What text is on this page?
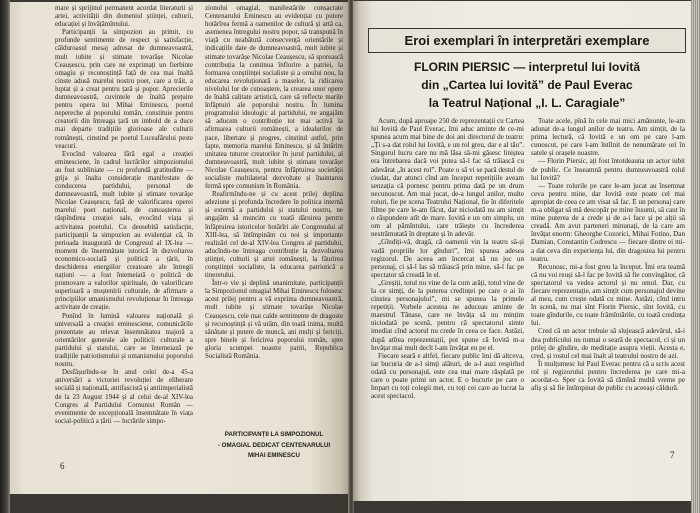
mare și sprijinul permanent acordat literaturii și artei, activității din domeniul științei, culturii, educației și învățămîntului.

Participanții la simpozion au primit, cu profunde sentimente de respect și satisfacție, călduroasul mesaj adresat de dumneavoastră, mult iubite și stimate tovarășe Nicolae Ceaușescu, prin care ne exprimați un fierbinte omagiu și recunoștință față de cea mai înaltă cinste adusă marelui nostru poet, care a trăit, a luptat și a creat pentru țară și popor. Aprecierile dumneavoastră, cuvintele de înaltă prețuire pentru opera lui Mihai Eminescu, poetul nepereche al poporului român, constituie pentru creatorii din întreaga țară un imbold de a duce mai departe tradițiile glorioase ale culturii românești, cinstind pe poetul Luceafărului peste veacuri.

Evocînd valoarea fără egal a creației eminesciene, în cadrul lucrărilor simpozionului au fost subliniate — cu profundă gratitudine — grija și înalta considerație manifestate de conducerea partidului, personal de dumneavoastră, mult iubite și stimate tovarășe Nicolae Ceaușescu, față de valorificarea operei marelui poet național, de cunoașterea și răspîndirea creației sale, evocînd viața și activitatea poetului. Cu deosebită satisfacție, participanții la simpozion au evidențiat că, în perioada inaugurată de Congresul al IX-lea — moment de însemnătate istorică în dezvoltarea economico-socială și politică a țării, în deschiderea energiilor creatoare ale întregii națiuni — a fost întemeiată o politică de promovare a valorilor spirituale, de valorificare superioară a moștenirii culturale, de afirmare a principiilor umanismului revoluționar în întreaga activitate de creație.

Punînd în lumină valoarea națională și universală a creației eminesciene, comunicările prezentate au relevat însemnătatea majoră a orientărilor generale ale politicii culturale a partidului și statului, care se întemeiază pe tradițiile patriotismului și umanismului poporului nostru.

Desfășurîndu-se în anul celei de-a 45-a aniversări a victoriei revoluției de eliberare socială și națională, antifascistă și antiimperialistă de la 23 August 1944 și al celui de-al XIV-lea Congres al Partidului Comunist Român — evenimente de excepțională însemnătate în viața social-politică a țării — lucrările simpo-

zionului omagial, manifestările consacrate Centenarului Eminescu au evidențiat cu putere hotărîrea fermă a oamenilor de cultură și artă ca, asemenea întregului nostru popor, să transpună în viață cu neabătută consecvență orientările și indicațiile date de dumneavoastră, mult iubite și stimate tovarășe Nicolae Ceaușescu, să sporească contribuția la continua înflorire a patriei, la formarea conștiinței socialiste și a omului nou, la educarea revoluționară a maselor, la ridicarea nivelului lor de cunoaștere, la crearea unor opere de înaltă calitate artistică, care să reflecte marile înfăptuiri ale poporului nostru. În lumina programului ideologic al partidului, ne angajăm să aducem o contribuție tot mai activă la afirmarea culturii românești, a idealurilor de pace, libertate și progres, cinstind astfel, prin fapte, memoria marelui Eminescu, și să întărim unitatea tuturor creatorilor în jurul partidului, al dumneavoastră, mult iubite și stimate tovarășe Nicolae Ceaușescu, pentru înfăptuirea societății socialiste multilateral dezvoltate și înaintarea fermă spre comunism în România.

Reafirmîndu-ne și cu acest prilej deplina adeziune și profunda încredere în politica internă și externă a partidului și statului nostru, ne angajăm să muncim cu toată dăruirea pentru înfăptuirea istoricelor hotărîri ale Congresului al XIII-lea, să întîmpinăm cu noi și importante realizări cel de-al XIV-lea Congres al partidului, aducîndu-ne întreaga contribuție la dezvoltarea științei, culturii și artei românești, la făurirea conștiinței socialiste, la educarea patriotică a tineretului.

Într-o vie și deplină unanimitate, participanții la Simpozionul omagial Mihai Eminescu folosesc acest prilej pentru a vă exprima dumneavoastră, mult iubite și stimate tovarășe Nicolae Ceaușescu, cele mai calde sentimente de dragoste și recunoștință și vă urăm, din toată inima, multă sănătate și putere de muncă, ani mulți și fericiți, spre binele și fericirea poporului român, spre gloria scumpei noastre patrii, Republica Socialistă România.

PARTICIPANȚII LA SIMPOZIONUL
- OMAGIAL DEDICAT CENTENARULUI
MIHAI EMINESCU
6
Eroi exemplari în interpretări exemplare
FLORIN PIERSIC — interpretul lui Iovită
din „Cartea lui Iovită” de Paul Everac
la Teatrul Național „I. L. Caragiale”

Acum, după aproape 250 de reprezentații cu Cartea lui Iovită de Paul Everac, îmi aduc aminte de ce-mi spunea acum mai bine de doi ani directorul de teatru: „Ți s-a dat rolul lui Iovită, e un rol greu, dar e al tău”. Singurul lucru care nu mă lăsa să-mi găsesc liniștea era întrebarea dacă voi putea să-l fac să trăiască cu adevărat „în acest rol”. Poate o să vi se pară destul de ciudat, dar atunci cînd am început repetițiile aveam senzația că pornesc pentru prima dată pe un drum necunoscut. Am mai jucat, de-a lungul anilor, multe roluri, fie pe scena Teatrului Național, fie în diferitele filme pe care le-am făcut, dar niciodată nu am simțit o răspundere atît de mare. Iovită e un om simplu, un om al pămîntului, care trăiește cu încrederea nestrămutată în dreptate și în adevăr.

„Gîndiți-vă, dragă, că oamenii vin la teatru să-și vadă propriile lor gînduri”, îmi spunea adesea regizorul. De aceea am încercat să nu joc un personaj, ci să-l las să trăiască prin mine, să-l fac pe spectator să creadă în el.

„Greșiți, totul nu vine de la cum arăți, totul vine de la ce simți, de la puterea credinței pe care o ai în cinstea personajului”, mi se spunea la primele repetiții. Vorbele acestea ne aduceau aminte de maestrul Tănase, care ne învăța să nu mințim niciodată pe scenă, pentru că spectatorul simte imediat cînd actorul nu crede în ceea ce face. Astăzi, după atîtea reprezentații, pot spune că Iovită m-a învățat mai mult decît l-am învățat eu pe el.

Fiecare seară e altfel, fiecare public îmi dă altceva, iar bucuria de a-l simți alături, de a-l auzi respirînd odată cu personajul, este cea mai mare răsplată pe care o poate primi un actor. E o bucurie pe care o împart cu toți colegii mei, cu toți cei care au lucrat la acest spectacol.

Toate acele, pînă în cele mai mici amănunte, le-am adunat de-a lungul anilor de teatru. Am simțit, de la prima lectură, că Iovită e un om pe care l-am cunoscut, pe care l-am întîlnit de nenumărate ori în satele și orașele noastre.

— Florin Piersic, ați fost întotdeauna un actor iubit de public. Ce înseamnă pentru dumneavoastră rolul lui Iovită?

— Toate rolurile pe care le-am jucat au însemnat ceva pentru mine, dar Iovită este poate cel mai apropiat de ceea ce am visat să fac. E un personaj care m-a obligat să mă descopăr pe mine însumi, să caut în mine puterea de a crede și de a-i face și pe alții să creadă. Am avut parteneri minunați, de la care am învățat enorm: Gheorghe Cozorici, Mihai Fotino, Dan Damian, Constantin Codrescu — fiecare dintre ei mi-a dat ceva din experiența lui, din dragostea lui pentru teatru.

Recunosc, mi-a fost greu la început. Îmi era teamă că nu voi reuși să-l fac pe Iovită să fie convingător, că spectatorul va vedea actorul și nu omul. Dar, cu fiecare reprezentație, am simțit cum personajul devine al meu, cum crește odată cu mine. Astăzi, cînd intru în scenă, nu mai sînt Florin Piersic, sînt Iovită, cu toate gîndurile, cu toate frămîntările, cu toată credința lui.

Cred că un actor trebuie să slujească adevărul, să-i dea publicului nu numai o seară de spectacol, ci și un prilej de gîndire, de meditație asupra vieții. Acesta e, cred, și rostul cel mai înalt al teatrului nostru de azi.

Îi mulțumesc lui Paul Everac pentru că a scris acest rol și regizorului pentru încrederea pe care mi-a acordat-o. Sper ca Iovită să rămînă multă vreme pe afiș și să fie întîmpinat de public cu aceeași căldură.

7
